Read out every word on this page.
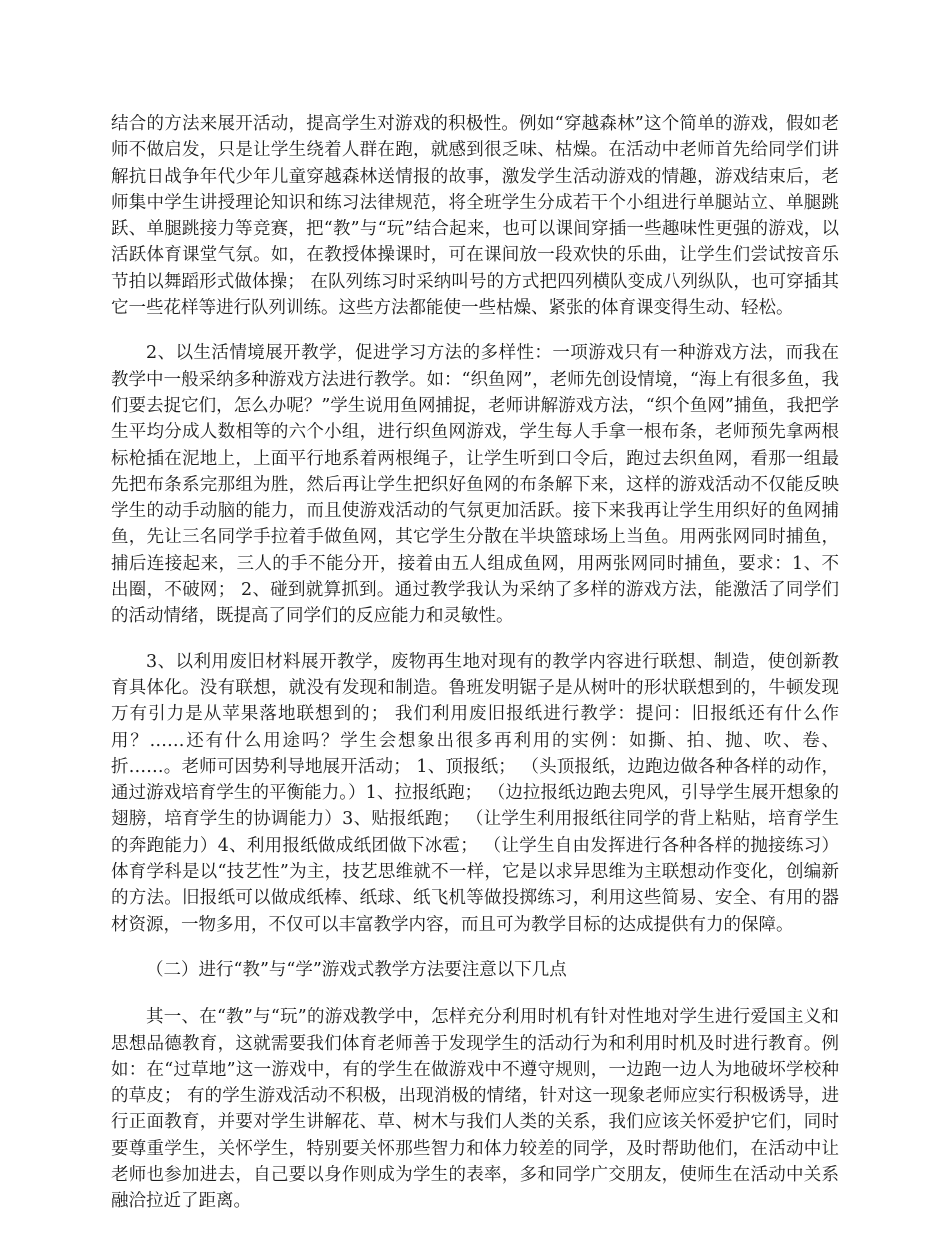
结合的方法来展开活动，提高学生对游戏的积极性。例如“穿越森林”这个简单的游戏，假如老师不做启发，只是让学生绕着人群在跑，就感到很乏味、枯燥。在活动中老师首先给同学们讲解抗日战争年代少年儿童穿越森林送情报的故事，激发学生活动游戏的情趣，游戏结束后，老师集中学生讲授理论知识和练习法律规范，将全班学生分成若干个小组进行单腿站立、单腿跳跃、单腿跳接力等竞赛，把“教”与“玩”结合起来，也可以课间穿插一些趣味性更强的游戏，以活跃体育课堂气氛。如，在教授体操课时，可在课间放一段欢快的乐曲，让学生们尝试按音乐节拍以舞蹈形式做体操； 在队列练习时采纳叫号的方式把四列横队变成八列纵队，也可穿插其它一些花样等进行队列训练。这些方法都能使一些枯燥、紧张的体育课变得生动、轻松。

2、以生活情境展开教学，促进学习方法的多样性：一项游戏只有一种游戏方法，而我在教学中一般采纳多种游戏方法进行教学。如：“织鱼网”，老师先创设情境，“海上有很多鱼，我们要去捉它们，怎么办呢？”学生说用鱼网捕捉，老师讲解游戏方法，“织个鱼网”捕鱼，我把学生平均分成人数相等的六个小组，进行织鱼网游戏，学生每人手拿一根布条，老师预先拿两根标枪插在泥地上，上面平行地系着两根绳子，让学生听到口令后，跑过去织鱼网，看那一组最先把布条系完那组为胜，然后再让学生把织好鱼网的布条解下来，这样的游戏活动不仅能反映学生的动手动脑的能力，而且使游戏活动的气氛更加活跃。接下来我再让学生用织好的鱼网捕鱼，先让三名同学手拉着手做鱼网，其它学生分散在半块篮球场上当鱼。用两张网同时捕鱼，捕后连接起来，三人的手不能分开，接着由五人组成鱼网，用两张网同时捕鱼，要求：1、不出圈，不破网； 2、碰到就算抓到。通过教学我认为采纳了多样的游戏方法，能激活了同学们的活动情绪，既提高了同学们的反应能力和灵敏性。

3、以利用废旧材料展开教学，废物再生地对现有的教学内容进行联想、制造，使创新教育具体化。没有联想，就没有发现和制造。鲁班发明锯子是从树叶的形状联想到的，牛顿发现万有引力是从苹果落地联想到的； 我们利用废旧报纸进行教学：提问：旧报纸还有什么作用？……还有什么用途吗？学生会想象出很多再利用的实例：如撕、拍、抛、吹、卷、折……。老师可因势利导地展开活动； 1、顶报纸； （头顶报纸，边跑边做各种各样的动作，通过游戏培育学生的平衡能力。）1、拉报纸跑； （边拉报纸边跑去兜风，引导学生展开想象的翅膀，培育学生的协调能力）3、贴报纸跑； （让学生利用报纸往同学的背上粘贴，培育学生的奔跑能力）4、利用报纸做成纸团做下冰雹； （让学生自由发挥进行各种各样的抛接练习）体育学科是以“技艺性”为主，技艺思维就不一样，它是以求异思维为主联想动作变化，创编新的方法。旧报纸可以做成纸棒、纸球、纸飞机等做投掷练习，利用这些简易、安全、有用的器材资源，一物多用，不仅可以丰富教学内容，而且可为教学目标的达成提供有力的保障。

（二）进行“教”与“学”游戏式教学方法要注意以下几点

其一、在“教”与“玩”的游戏教学中，怎样充分利用时机有针对性地对学生进行爱国主义和思想品德教育，这就需要我们体育老师善于发现学生的活动行为和利用时机及时进行教育。例如：在“过草地”这一游戏中，有的学生在做游戏中不遵守规则，一边跑一边人为地破坏学校种的草皮； 有的学生游戏活动不积极，出现消极的情绪，针对这一现象老师应实行积极诱导，进行正面教育，并要对学生讲解花、草、树木与我们人类的关系，我们应该关怀爱护它们，同时要尊重学生，关怀学生，特别要关怀那些智力和体力较差的同学，及时帮助他们，在活动中让老师也参加进去，自己要以身作则成为学生的表率，多和同学广交朋友，使师生在活动中关系融洽拉近了距离。
